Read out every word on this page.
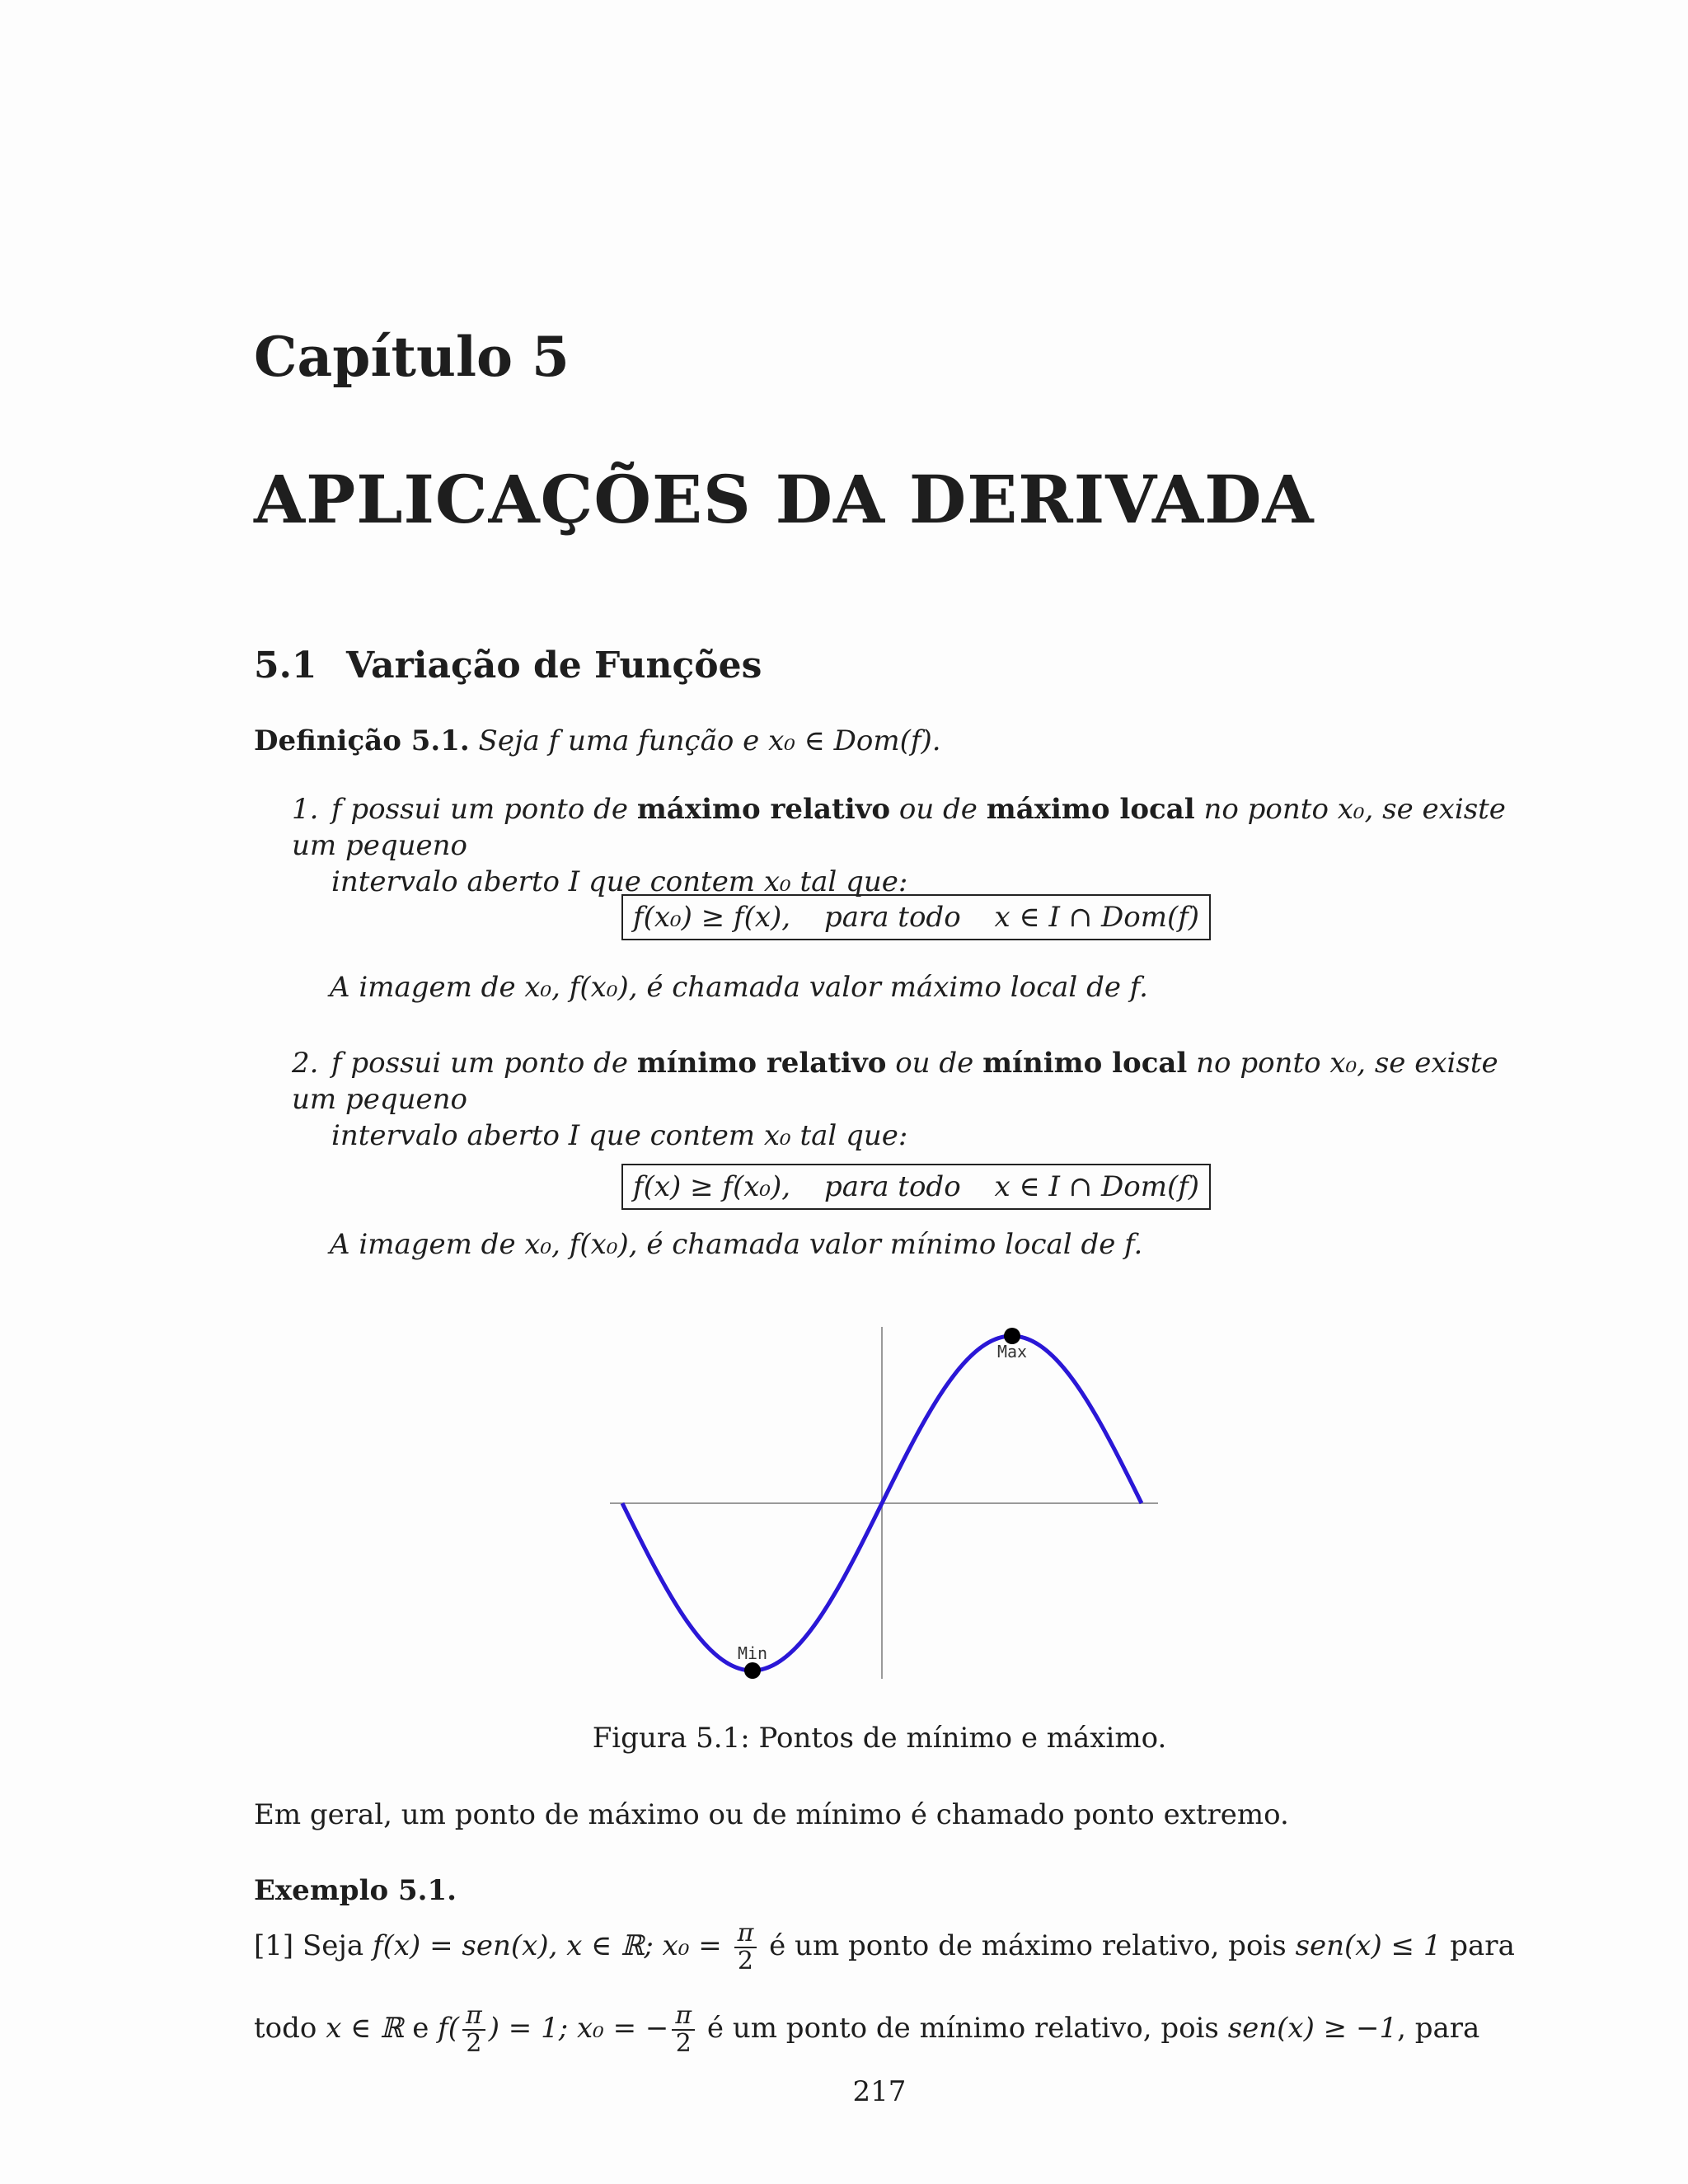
Capítulo 5
APLICAÇÕES DA DERIVADA
5.1 Variação de Funções
Definição 5.1. Seja f uma função e x₀ ∈ Dom(f).
1. f possui um ponto de máximo relativo ou de máximo local no ponto x₀, se existe um pequeno
intervalo aberto I que contem x₀ tal que:
f(x₀) ≥ f(x), para todo x ∈ I ∩ Dom(f)
A imagem de x₀, f(x₀), é chamada valor máximo local de f.
2. f possui um ponto de mínimo relativo ou de mínimo local no ponto x₀, se existe um pequeno
intervalo aberto I que contem x₀ tal que:
f(x) ≥ f(x₀), para todo x ∈ I ∩ Dom(f)
A imagem de x₀, f(x₀), é chamada valor mínimo local de f.
Max
Min
Figura 5.1: Pontos de mínimo e máximo.
Em geral, um ponto de máximo ou de mínimo é chamado ponto extremo.
Exemplo 5.1.
[1] Seja f(x) = sen(x), x ∈ ℝ; $x_0 = \frac{\pi}{2}$ é um ponto de máximo relativo, pois sen(x) ≤ 1 para
todo x ∈ ℝ e $f( \frac{\pi}{2}$ ) = 1; x₀ = − $\frac{\pi}{2}$ é um ponto de mínimo relativo, pois sen(x) ≥ −1, para
217
